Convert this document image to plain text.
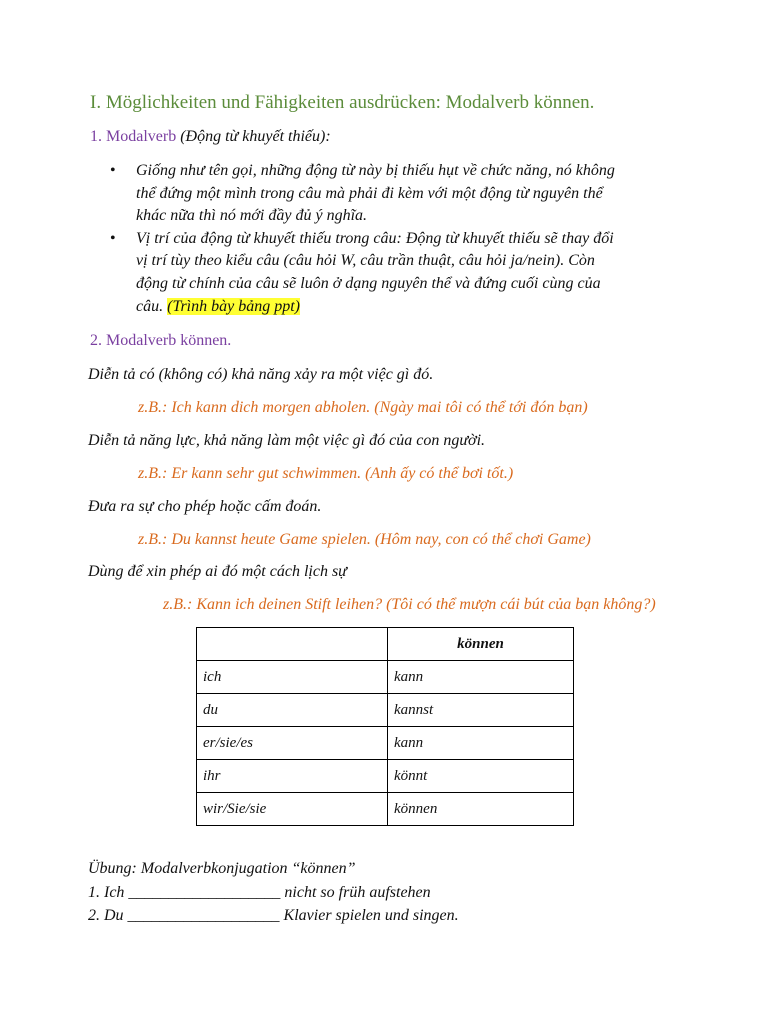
I. Möglichkeiten und Fähigkeiten ausdrücken: Modalverb können.
1. Modalverb (Động từ khuyết thiếu):
• Giống như tên gọi, những động từ này bị thiếu hụt về chức năng, nó không
thể đứng một mình trong câu mà phải đi kèm với một động từ nguyên thể
khác nữa thì nó mới đầy đủ ý nghĩa.
• Vị trí của động từ khuyết thiếu trong câu: Động từ khuyết thiếu sẽ thay đổi
vị trí tùy theo kiểu câu (câu hỏi W, câu trần thuật, câu hỏi ja/nein). Còn
động từ chính của câu sẽ luôn ở dạng nguyên thể và đứng cuối cùng của
câu. (Trình bày bảng ppt)
2. Modalverb können.
Diễn tả có (không có) khả năng xảy ra một việc gì đó.
z.B.: Ich kann dich morgen abholen. (Ngày mai tôi có thể tới đón bạn)
Diễn tả năng lực, khả năng làm một việc gì đó của con người.
z.B.: Er kann sehr gut schwimmen. (Anh ấy có thể bơi tốt.)
Đưa ra sự cho phép hoặc cấm đoán.
z.B.: Du kannst heute Game spielen. (Hôm nay, con có thể chơi Game)
Dùng để xin phép ai đó một cách lịch sự
z.B.: Kann ich deinen Stift leihen? (Tôi có thể mượn cái bút của bạn không?)
	können
ich	kann
du	kannst
er/sie/es	kann
ihr	könnt
wir/Sie/sie	können
Übung: Modalverbkonjugation “können”
1. Ich ___________________ nicht so früh aufstehen
2. Du ___________________ Klavier spielen und singen.
